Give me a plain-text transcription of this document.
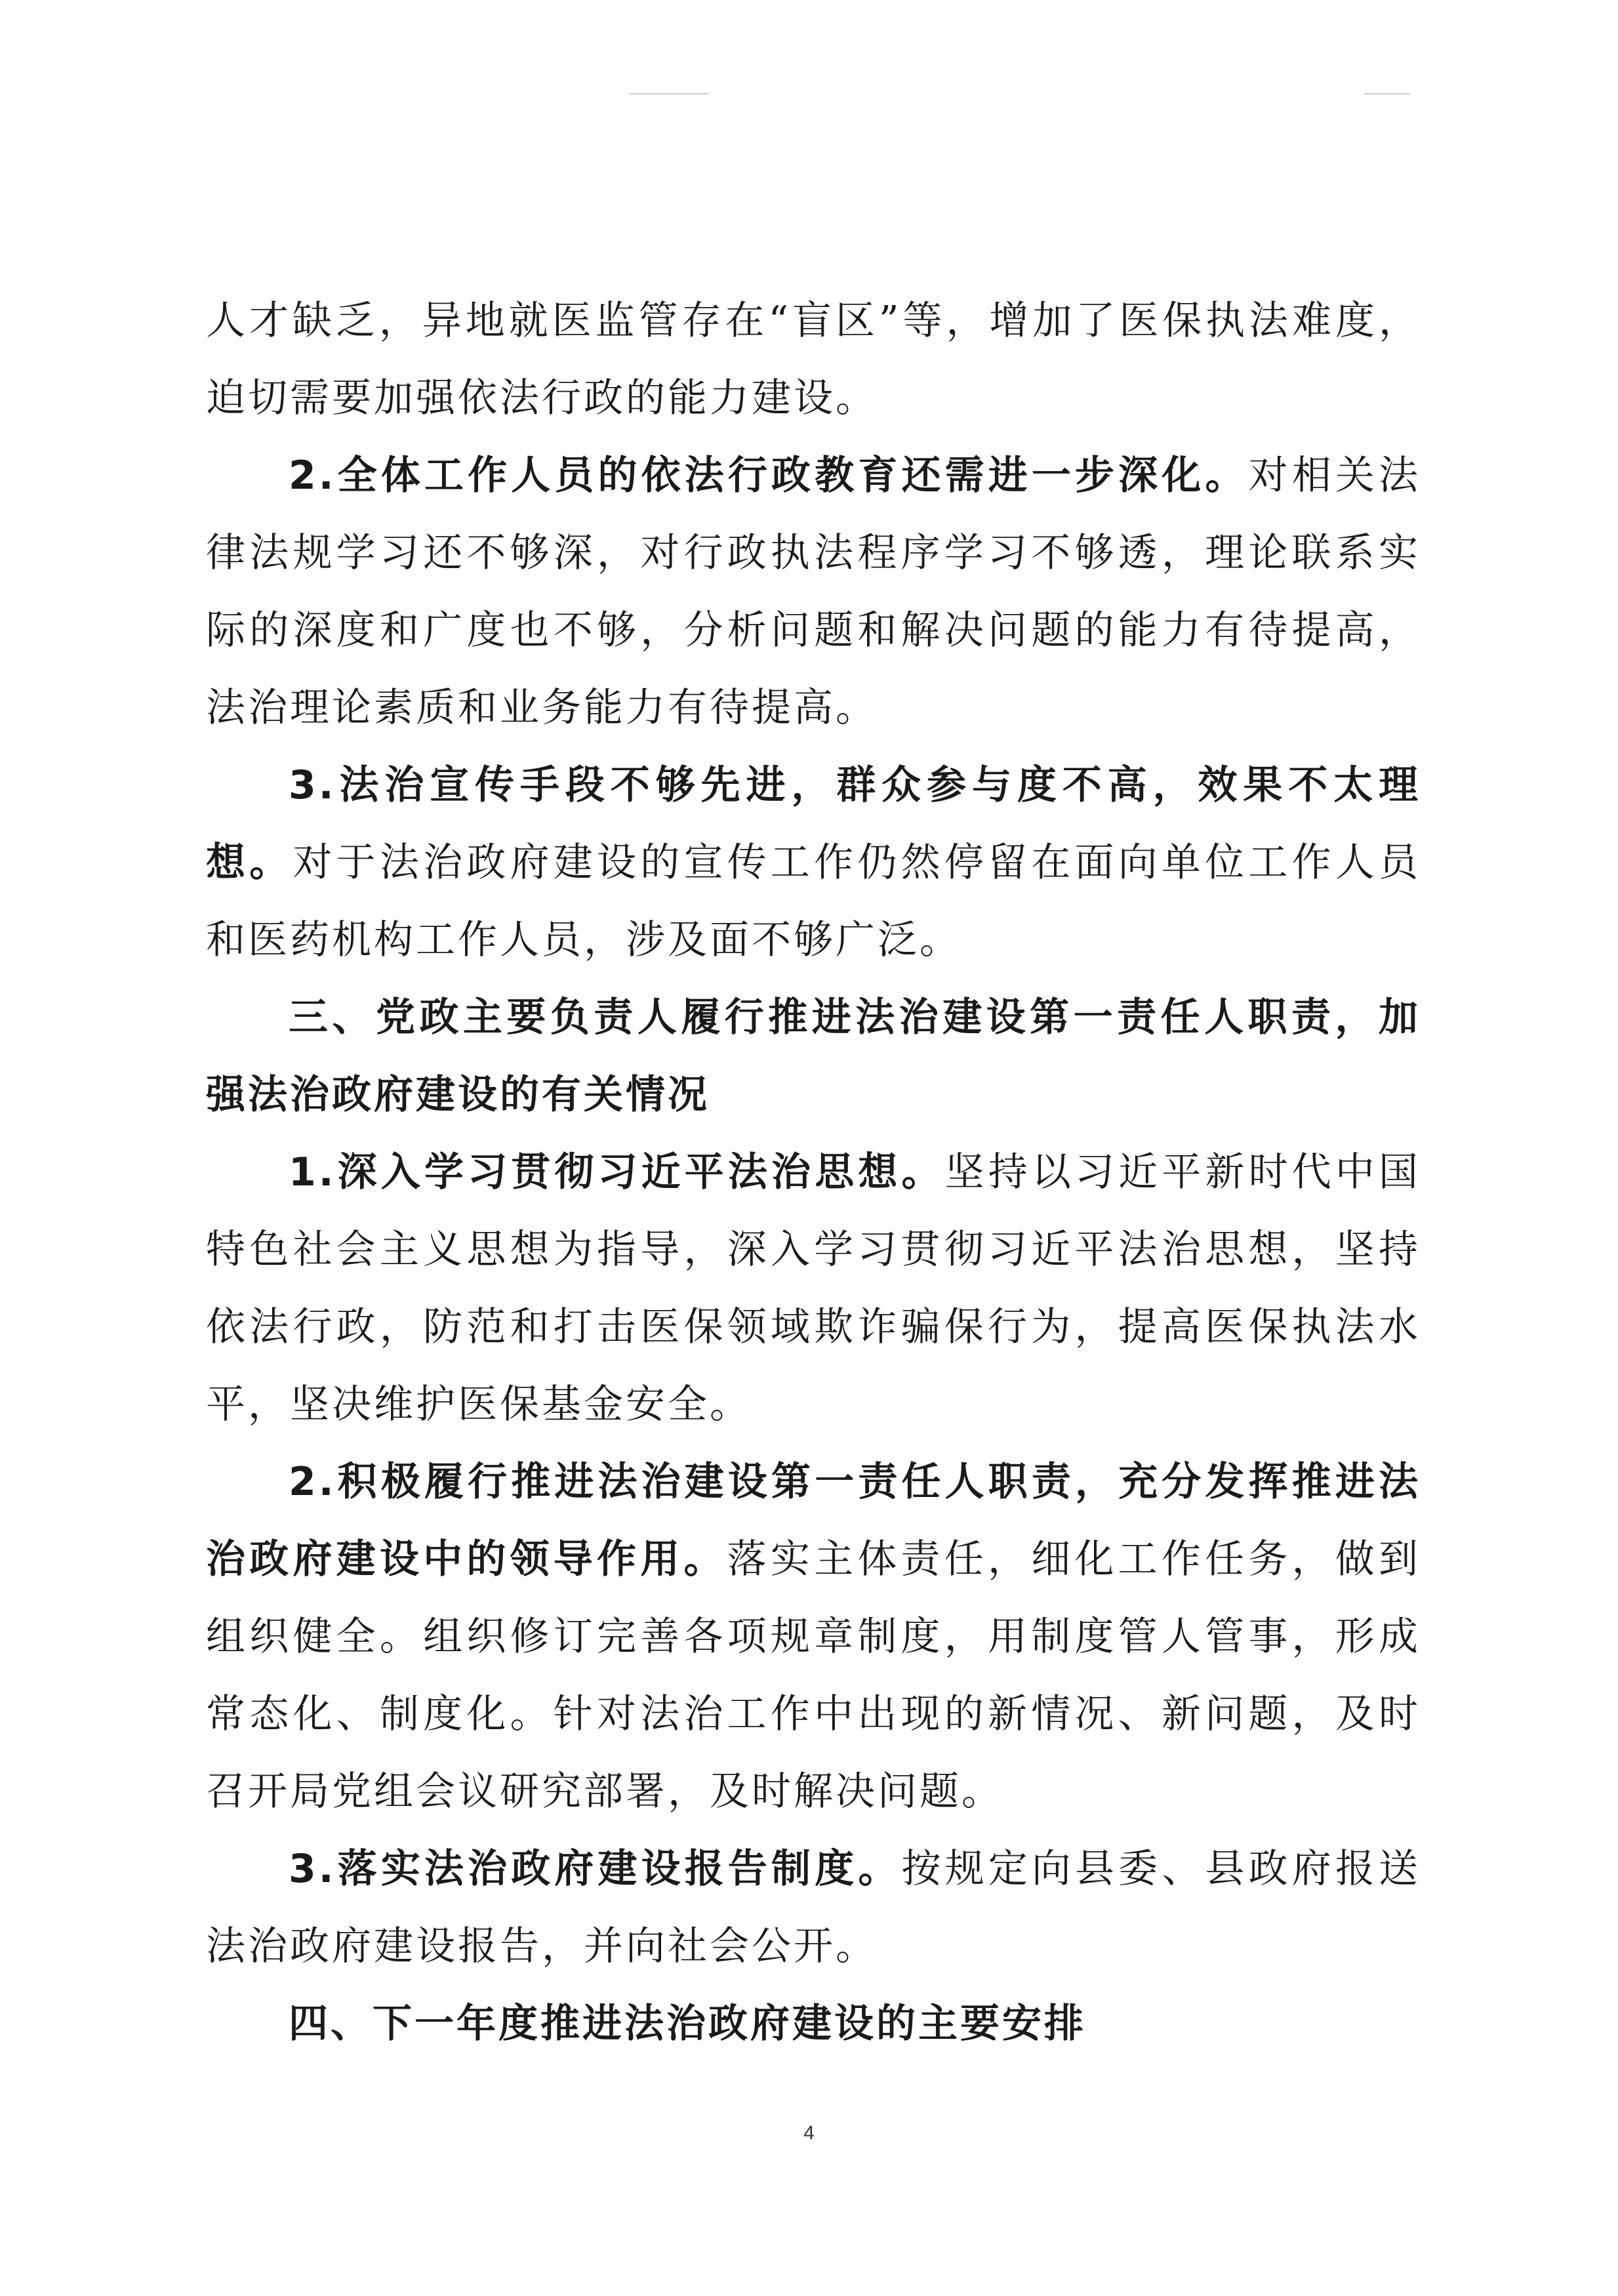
人才缺乏，异地就医监管存在“盲区”等，增加了医保执法难度，迫切需要加强依法行政的能力建设。

2.全体工作人员的依法行政教育还需进一步深化。对相关法律法规学习还不够深，对行政执法程序学习不够透，理论联系实际的深度和广度也不够，分析问题和解决问题的能力有待提高，法治理论素质和业务能力有待提高。

3.法治宣传手段不够先进，群众参与度不高，效果不太理想。对于法治政府建设的宣传工作仍然停留在面向单位工作人员和医药机构工作人员，涉及面不够广泛。

三、党政主要负责人履行推进法治建设第一责任人职责，加强法治政府建设的有关情况

1.深入学习贯彻习近平法治思想。坚持以习近平新时代中国特色社会主义思想为指导，深入学习贯彻习近平法治思想，坚持依法行政，防范和打击医保领域欺诈骗保行为，提高医保执法水平，坚决维护医保基金安全。

2.积极履行推进法治建设第一责任人职责，充分发挥推进法治政府建设中的领导作用。落实主体责任，细化工作任务，做到组织健全。组织修订完善各项规章制度，用制度管人管事，形成常态化、制度化。针对法治工作中出现的新情况、新问题，及时召开局党组会议研究部署，及时解决问题。

3.落实法治政府建设报告制度。按规定向县委、县政府报送法治政府建设报告，并向社会公开。

四、下一年度推进法治政府建设的主要安排

4
